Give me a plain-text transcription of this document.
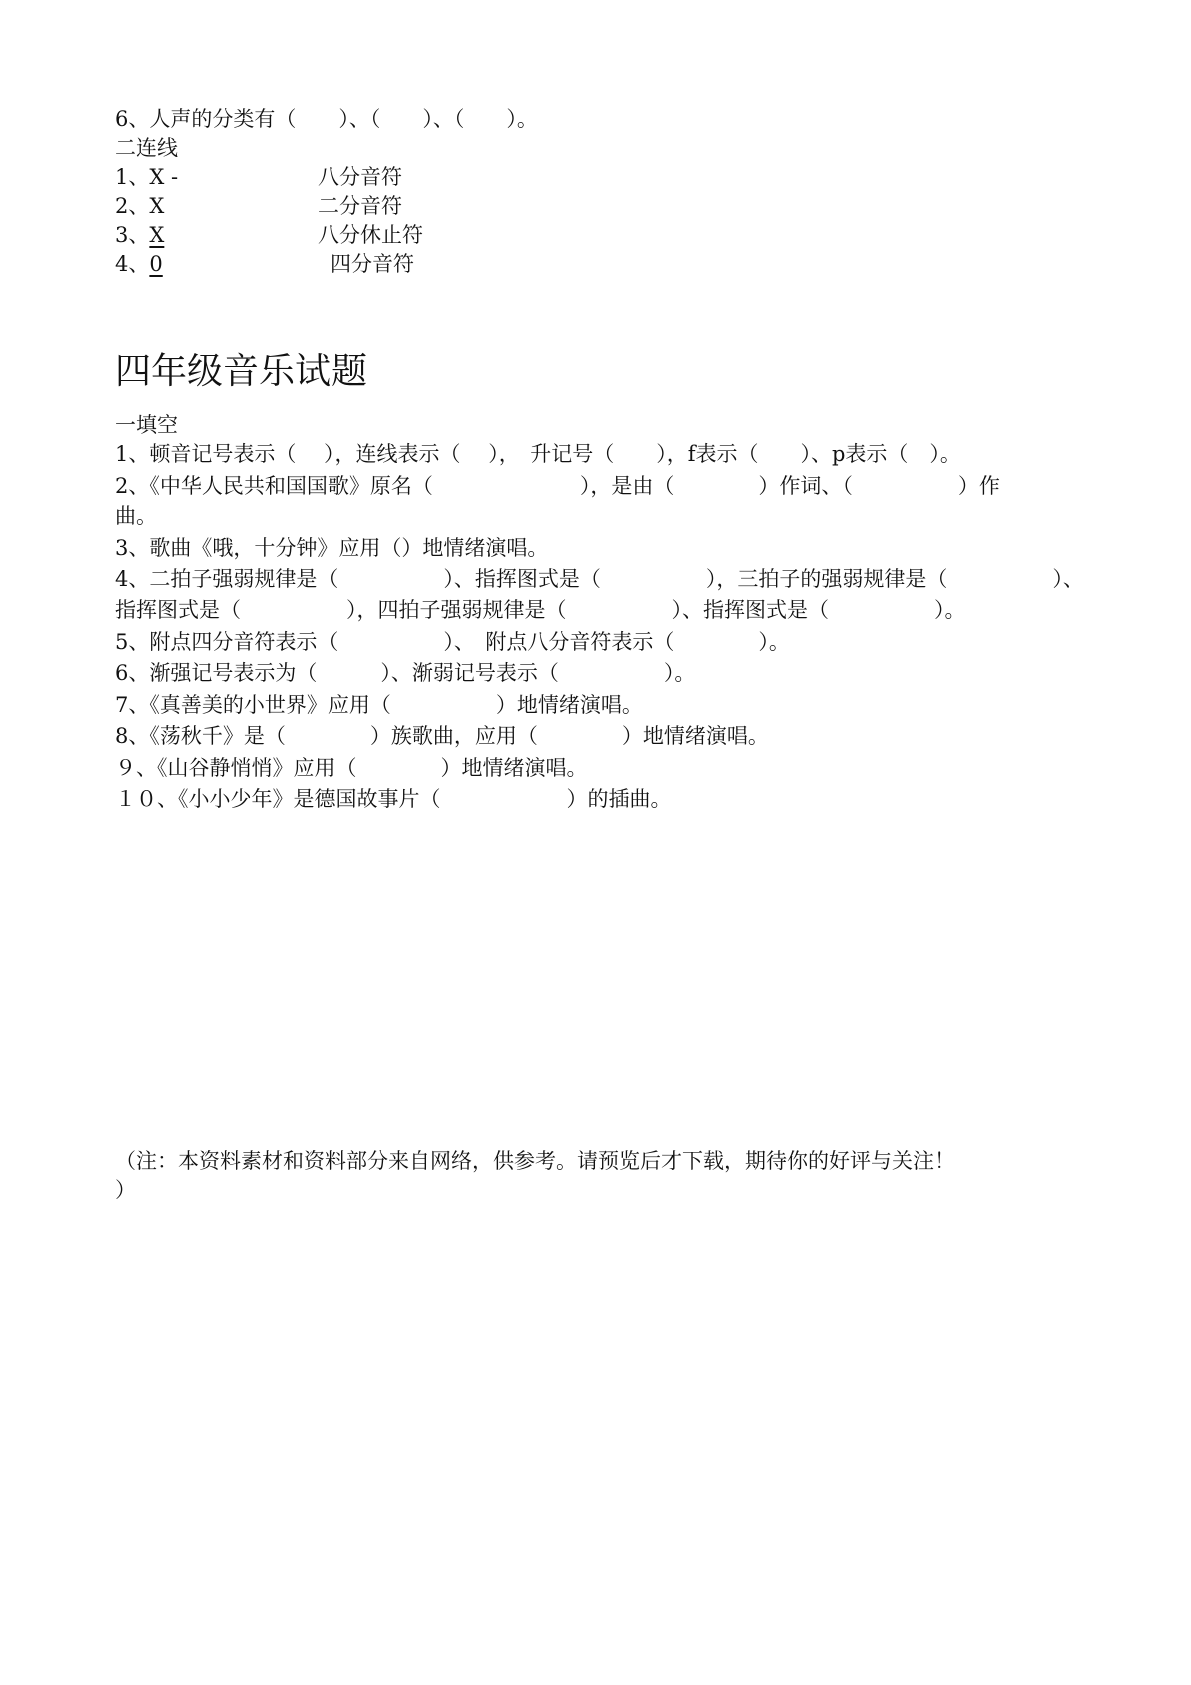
6、人声的分类有（　　）、（　　）、（　　）。
二连线
1、X -	八分音符
2、X	二分音符
3、X	八分休止符
4、0	四分音符
四年级音乐试题
一填空
1、顿音记号表示（　 ），连线表示（　 ），　升记号（　　），f表示（　　）、p表示（　）。
2、《中华人民共和国国歌》原名（　　　　　　　），是由（　　　　）作词、（　　　　　）作
曲。
3、歌曲《哦，十分钟》应用（）地情绪演唱。
4、二拍子强弱规律是（　　　　　）、指挥图式是（　　　　　），三拍子的强弱规律是（　　　　　）、
指挥图式是（　　　　　），四拍子强弱规律是（　　　　　）、指挥图式是（　　　　　）。
5、附点四分音符表示（　　　　　）、　附点八分音符表示（　　　　）。
6、渐强记号表示为（　　　）、渐弱记号表示（　　　　　）。
7、《真善美的小世界》应用（　　　　　）地情绪演唱。
8、《荡秋千》是（　　　　）族歌曲，应用（　　　　）地情绪演唱。
９、《山谷静悄悄》应用（　　　　）地情绪演唱。
１０、《小小少年》是德国故事片（　　　　　　）的插曲。
（注：本资料素材和资料部分来自网络，供参考。请预览后才下载，期待你的好评与关注！
）
